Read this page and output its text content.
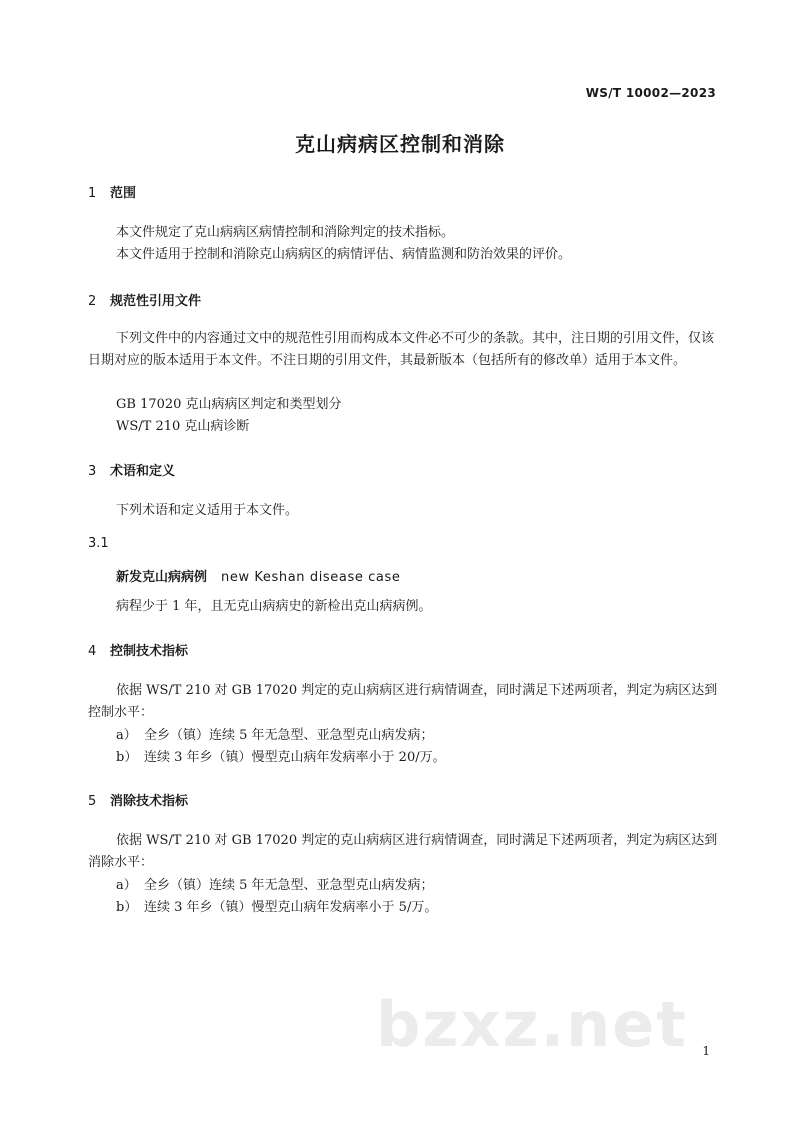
WS/T 10002—2023
克山病病区控制和消除
1 范围
本文件规定了克山病病区病情控制和消除判定的技术指标。
本文件适用于控制和消除克山病病区的病情评估、病情监测和防治效果的评价。
2 规范性引用文件
下列文件中的内容通过文中的规范性引用而构成本文件必不可少的条款。其中，注日期的引用文件，仅该日期对应的版本适用于本文件。不注日期的引用文件，其最新版本（包括所有的修改单）适用于本文件。
GB 17020 克山病病区判定和类型划分
WS/T 210 克山病诊断
3 术语和定义
下列术语和定义适用于本文件。
3.1
新发克山病病例 new Keshan disease case
病程少于 1 年，且无克山病病史的新检出克山病病例。
4 控制技术指标
依据 WS/T 210 对 GB 17020 判定的克山病病区进行病情调查，同时满足下述两项者，判定为病区达到控制水平：
a） 全乡（镇）连续 5 年无急型、亚急型克山病发病；
b） 连续 3 年乡（镇）慢型克山病年发病率小于 20/万。
5 消除技术指标
依据 WS/T 210 对 GB 17020 判定的克山病病区进行病情调查，同时满足下述两项者，判定为病区达到消除水平：
a） 全乡（镇）连续 5 年无急型、亚急型克山病发病；
b） 连续 3 年乡（镇）慢型克山病年发病率小于 5/万。
bzxz.net 1
